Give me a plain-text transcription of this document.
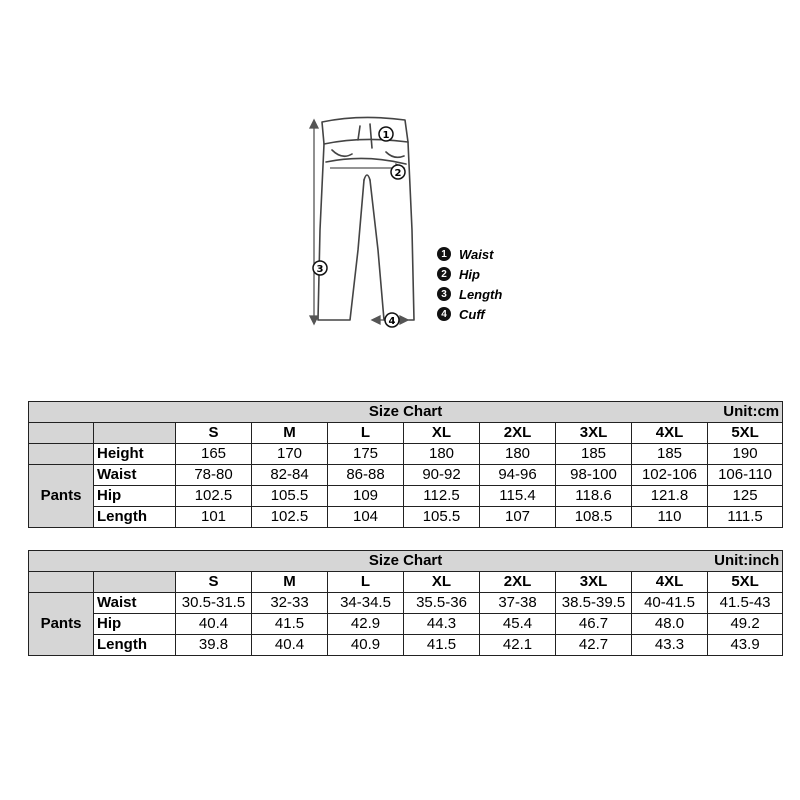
1
2
3
4
1 Waist
2 Hip
3 Length
4 Cuff
Size Chart Unit:cm									

		S	M	L	XL	2XL	3XL	4XL	5XL
	Height	165	170	175	180	180	185	185	190
Pants	Waist	78-80	82-84	86-88	90-92	94-96	98-100	102-106	106-110
	Hip	102.5	105.5	109	112.5	115.4	118.6	121.8	125
	Length	101	102.5	104	105.5	107	108.5	110	111.5
Size Chart Unit:inch									

		S	M	L	XL	2XL	3XL	4XL	5XL
Pants	Waist	30.5-31.5	32-33	34-34.5	35.5-36	37-38	38.5-39.5	40-41.5	41.5-43
	Hip	40.4	41.5	42.9	44.3	45.4	46.7	48.0	49.2
	Length	39.8	40.4	40.9	41.5	42.1	42.7	43.3	43.9
